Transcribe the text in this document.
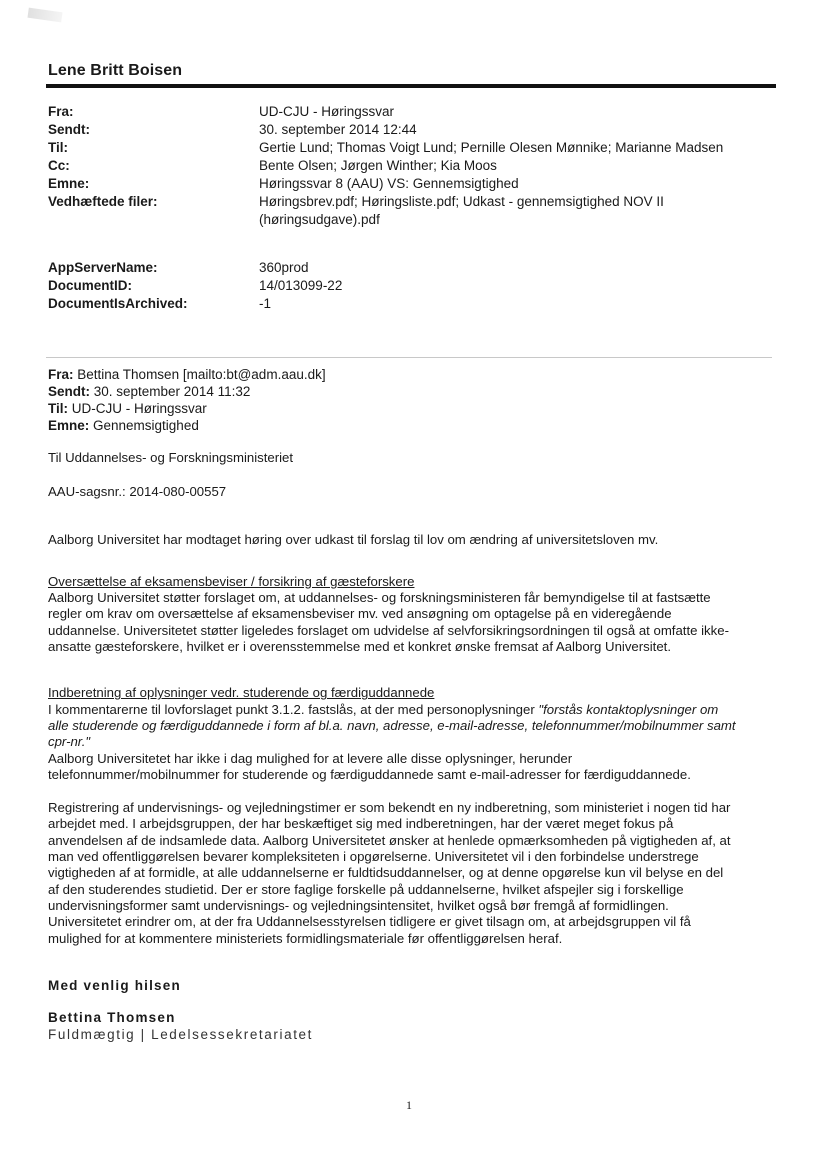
Lene Britt Boisen
Fra:	UD-CJU - Høringssvar
Sendt:	30. september 2014 12:44
Til:	Gertie Lund; Thomas Voigt Lund; Pernille Olesen Mønnike; Marianne Madsen
Cc:	Bente Olsen; Jørgen Winther; Kia Moos
Emne:	Høringssvar 8 (AAU) VS: Gennemsigtighed
Vedhæftede filer:	Høringsbrev.pdf; Høringsliste.pdf; Udkast - gennemsigtighed NOV II
(høringsudgave).pdf
AppServerName:	360prod
DocumentID:	14/013099-22
DocumentIsArchived:	-1
Fra: Bettina Thomsen [mailto:bt@adm.aau.dk]
Sendt: 30. september 2014 11:32
Til: UD-CJU - Høringssvar
Emne: Gennemsigtighed

Til Uddannelses- og Forskningsministeriet

AAU-sagsnr.: 2014-080-00557

Aalborg Universitet har modtaget høring over udkast til forslag til lov om ændring af universitetsloven mv.

Oversættelse af eksamensbeviser / forsikring af gæsteforskere

Aalborg Universitet støtter forslaget om, at uddannelses- og forskningsministeren får bemyndigelse til at fastsætte

regler om krav om oversættelse af eksamensbeviser mv. ved ansøgning om optagelse på en videregående

uddannelse. Universitetet støtter ligeledes forslaget om udvidelse af selvforsikringsordningen til også at omfatte ikke-

ansatte gæsteforskere, hvilket er i overensstemmelse med et konkret ønske fremsat af Aalborg Universitet.

Indberetning af oplysninger vedr. studerende og færdiguddannede

I kommentarerne til lovforslaget punkt 3.1.2. fastslås, at der med personoplysninger "forstås kontaktoplysninger om

alle studerende og færdiguddannede i form af bl.a. navn, adresse, e-mail-adresse, telefonnummer/mobilnummer samt

cpr-nr."

Aalborg Universitetet har ikke i dag mulighed for at levere alle disse oplysninger, herunder

telefonnummer/mobilnummer for studerende og færdiguddannede samt e-mail-adresser for færdiguddannede.

Registrering af undervisnings- og vejledningstimer er som bekendt en ny indberetning, som ministeriet i nogen tid har

arbejdet med. I arbejdsgruppen, der har beskæftiget sig med indberetningen, har der været meget fokus på

anvendelsen af de indsamlede data. Aalborg Universitetet ønsker at henlede opmærksomheden på vigtigheden af, at

man ved offentliggørelsen bevarer kompleksiteten i opgørelserne. Universitetet vil i den forbindelse understrege

vigtigheden af at formidle, at alle uddannelserne er fuldtidsuddannelser, og at denne opgørelse kun vil belyse en del

af den studerendes studietid. Der er store faglige forskelle på uddannelserne, hvilket afspejler sig i forskellige

undervisningsformer samt undervisnings- og vejledningsintensitet, hvilket også bør fremgå af formidlingen.

Universitetet erindrer om, at der fra Uddannelsesstyrelsen tidligere er givet tilsagn om, at arbejdsgruppen vil få

mulighed for at kommentere ministeriets formidlingsmateriale før offentliggørelsen heraf.

Med venlig hilsen
Bettina Thomsen
Fuldmægtig | Ledelsessekretariatet
1
